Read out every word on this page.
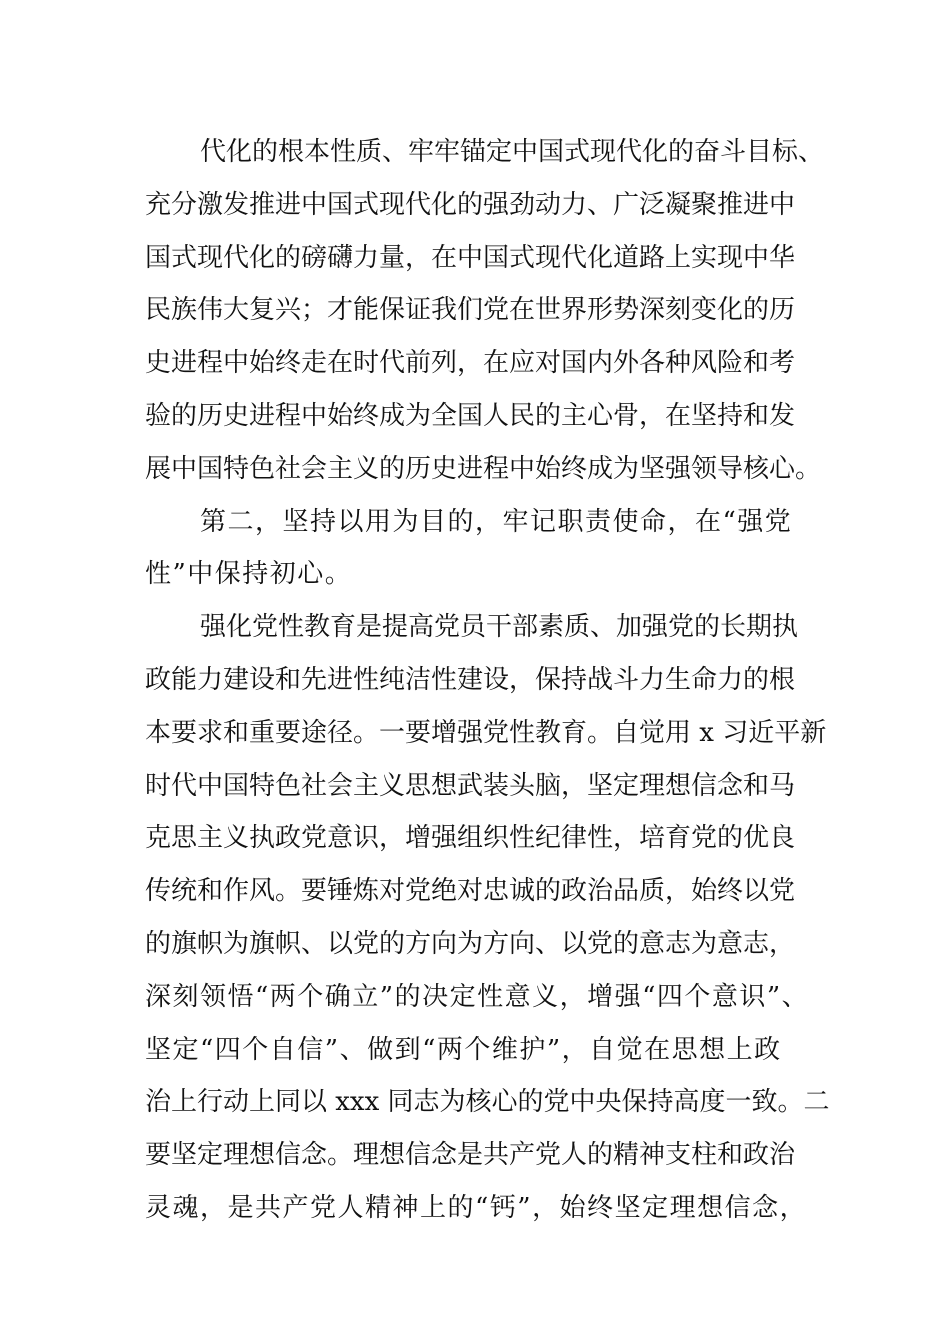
代化的根本性质、牢牢锚定中国式现代化的奋斗目标、
充分激发推进中国式现代化的强劲动力、广泛凝聚推进中
国式现代化的磅礴力量，在中国式现代化道路上实现中华
民族伟大复兴；才能保证我们党在世界形势深刻变化的历
史进程中始终走在时代前列，在应对国内外各种风险和考
验的历史进程中始终成为全国人民的主心骨，在坚持和发
展中国特色社会主义的历史进程中始终成为坚强领导核心。
第二，坚持以用为目的，牢记职责使命，在“强党
性”中保持初心。
强化党性教育是提高党员干部素质、加强党的长期执
政能力建设和先进性纯洁性建设，保持战斗力生命力的根
本要求和重要途径。一要增强党性教育。自觉用 x 习近平新
时代中国特色社会主义思想武装头脑，坚定理想信念和马
克思主义执政党意识，增强组织性纪律性，培育党的优良
传统和作风。要锤炼对党绝对忠诚的政治品质，始终以党
的旗帜为旗帜、以党的方向为方向、以党的意志为意志，
深刻领悟“两个确立”的决定性意义，增强“四个意识”、
坚定“四个自信”、做到“两个维护”，自觉在思想上政
治上行动上同以 xxx 同志为核心的党中央保持高度一致。二
要坚定理想信念。理想信念是共产党人的精神支柱和政治
灵魂，是共产党人精神上的“钙”，始终坚定理想信念，
